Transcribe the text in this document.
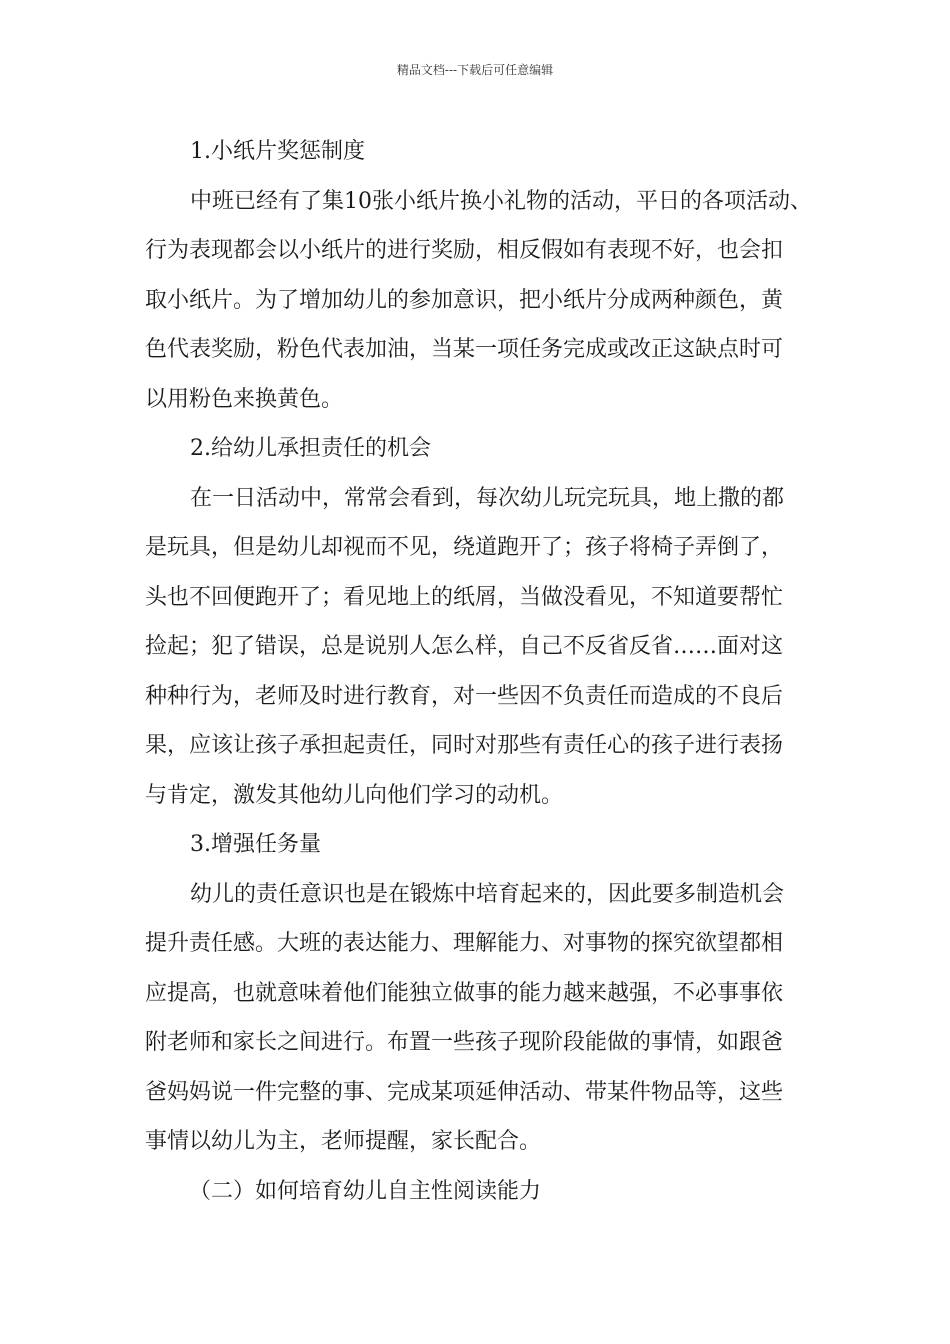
精品文档---下载后可任意编辑
1.小纸片奖惩制度
中班已经有了集10张小纸片换小礼物的活动，平日的各项活动、
行为表现都会以小纸片的进行奖励，相反假如有表现不好，也会扣
取小纸片。为了增加幼儿的参加意识，把小纸片分成两种颜色，黄
色代表奖励，粉色代表加油，当某一项任务完成或改正这缺点时可
以用粉色来换黄色。
2.给幼儿承担责任的机会
在一日活动中，常常会看到，每次幼儿玩完玩具，地上撒的都
是玩具，但是幼儿却视而不见，绕道跑开了；孩子将椅子弄倒了，
头也不回便跑开了；看见地上的纸屑，当做没看见，不知道要帮忙
捡起；犯了错误，总是说别人怎么样，自己不反省反省……面对这
种种行为，老师及时进行教育，对一些因不负责任而造成的不良后
果，应该让孩子承担起责任，同时对那些有责任心的孩子进行表扬
与肯定，激发其他幼儿向他们学习的动机。
3.增强任务量
幼儿的责任意识也是在锻炼中培育起来的，因此要多制造机会
提升责任感。大班的表达能力、理解能力、对事物的探究欲望都相
应提高，也就意味着他们能独立做事的能力越来越强，不必事事依
附老师和家长之间进行。布置一些孩子现阶段能做的事情，如跟爸
爸妈妈说一件完整的事、完成某项延伸活动、带某件物品等，这些
事情以幼儿为主，老师提醒，家长配合。
（二）如何培育幼儿自主性阅读能力
